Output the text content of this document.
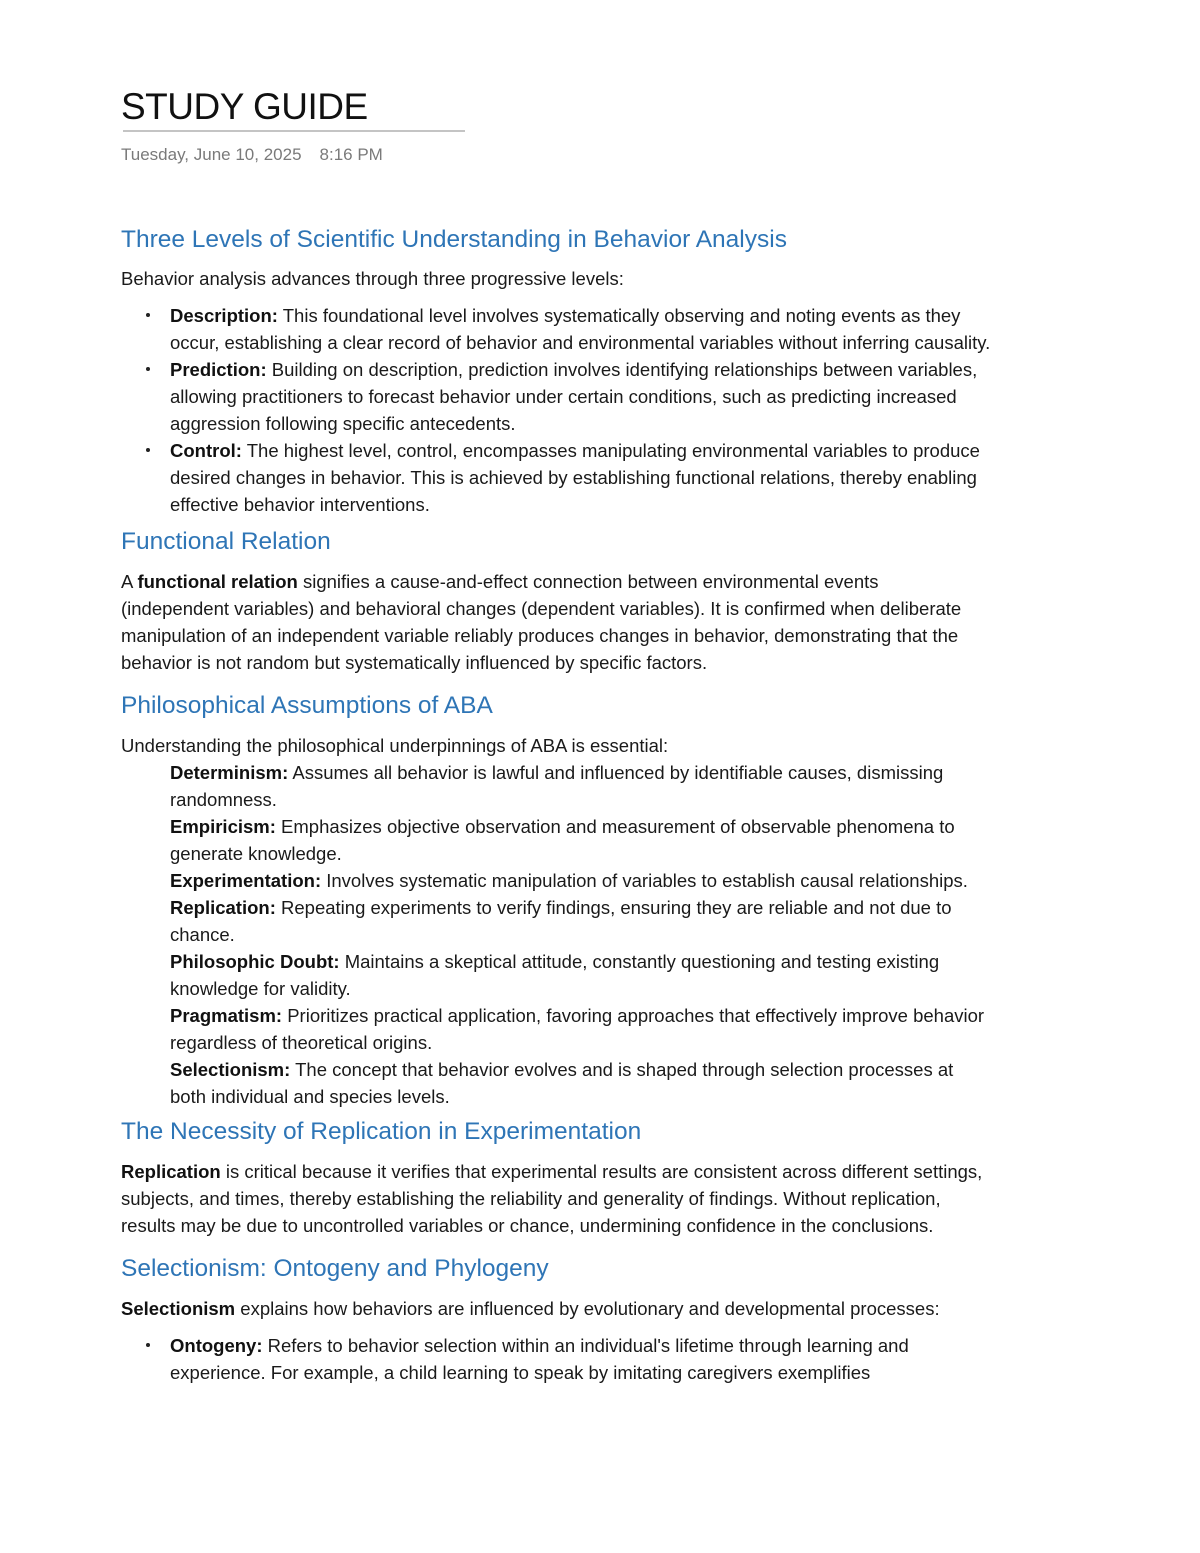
STUDY GUIDE
Tuesday, June 10, 2025 8:16 PM
Three Levels of Scientific Understanding in Behavior Analysis

Behavior analysis advances through three progressive levels:

Description: This foundational level involves systematically observing and noting events as they occur, establishing a clear record of behavior and environmental variables without inferring causality.
Prediction: Building on description, prediction involves identifying relationships between variables, allowing practitioners to forecast behavior under certain conditions, such as predicting increased aggression following specific antecedents.
Control: The highest level, control, encompasses manipulating environmental variables to produce desired changes in behavior. This is achieved by establishing functional relations, thereby enabling effective behavior interventions.
Functional Relation

A functional relation signifies a cause-and-effect connection between environmental events (independent variables) and behavioral changes (dependent variables). It is confirmed when deliberate manipulation of an independent variable reliably produces changes in behavior, demonstrating that the behavior is not random but systematically influenced by specific factors.

Philosophical Assumptions of ABA

Understanding the philosophical underpinnings of ABA is essential:

Determinism: Assumes all behavior is lawful and influenced by identifiable causes, dismissing randomness.

Empiricism: Emphasizes objective observation and measurement of observable phenomena to generate knowledge.

Experimentation: Involves systematic manipulation of variables to establish causal relationships.

Replication: Repeating experiments to verify findings, ensuring they are reliable and not due to chance.

Philosophic Doubt: Maintains a skeptical attitude, constantly questioning and testing existing knowledge for validity.

Pragmatism: Prioritizes practical application, favoring approaches that effectively improve behavior regardless of theoretical origins.

Selectionism: The concept that behavior evolves and is shaped through selection processes at both individual and species levels.

The Necessity of Replication in Experimentation

Replication is critical because it verifies that experimental results are consistent across different settings, subjects, and times, thereby establishing the reliability and generality of findings. Without replication, results may be due to uncontrolled variables or chance, undermining confidence in the conclusions.

Selectionism: Ontogeny and Phylogeny

Selectionism explains how behaviors are influenced by evolutionary and developmental processes:

Ontogeny: Refers to behavior selection within an individual's lifetime through learning and experience. For example, a child learning to speak by imitating caregivers exemplifies
